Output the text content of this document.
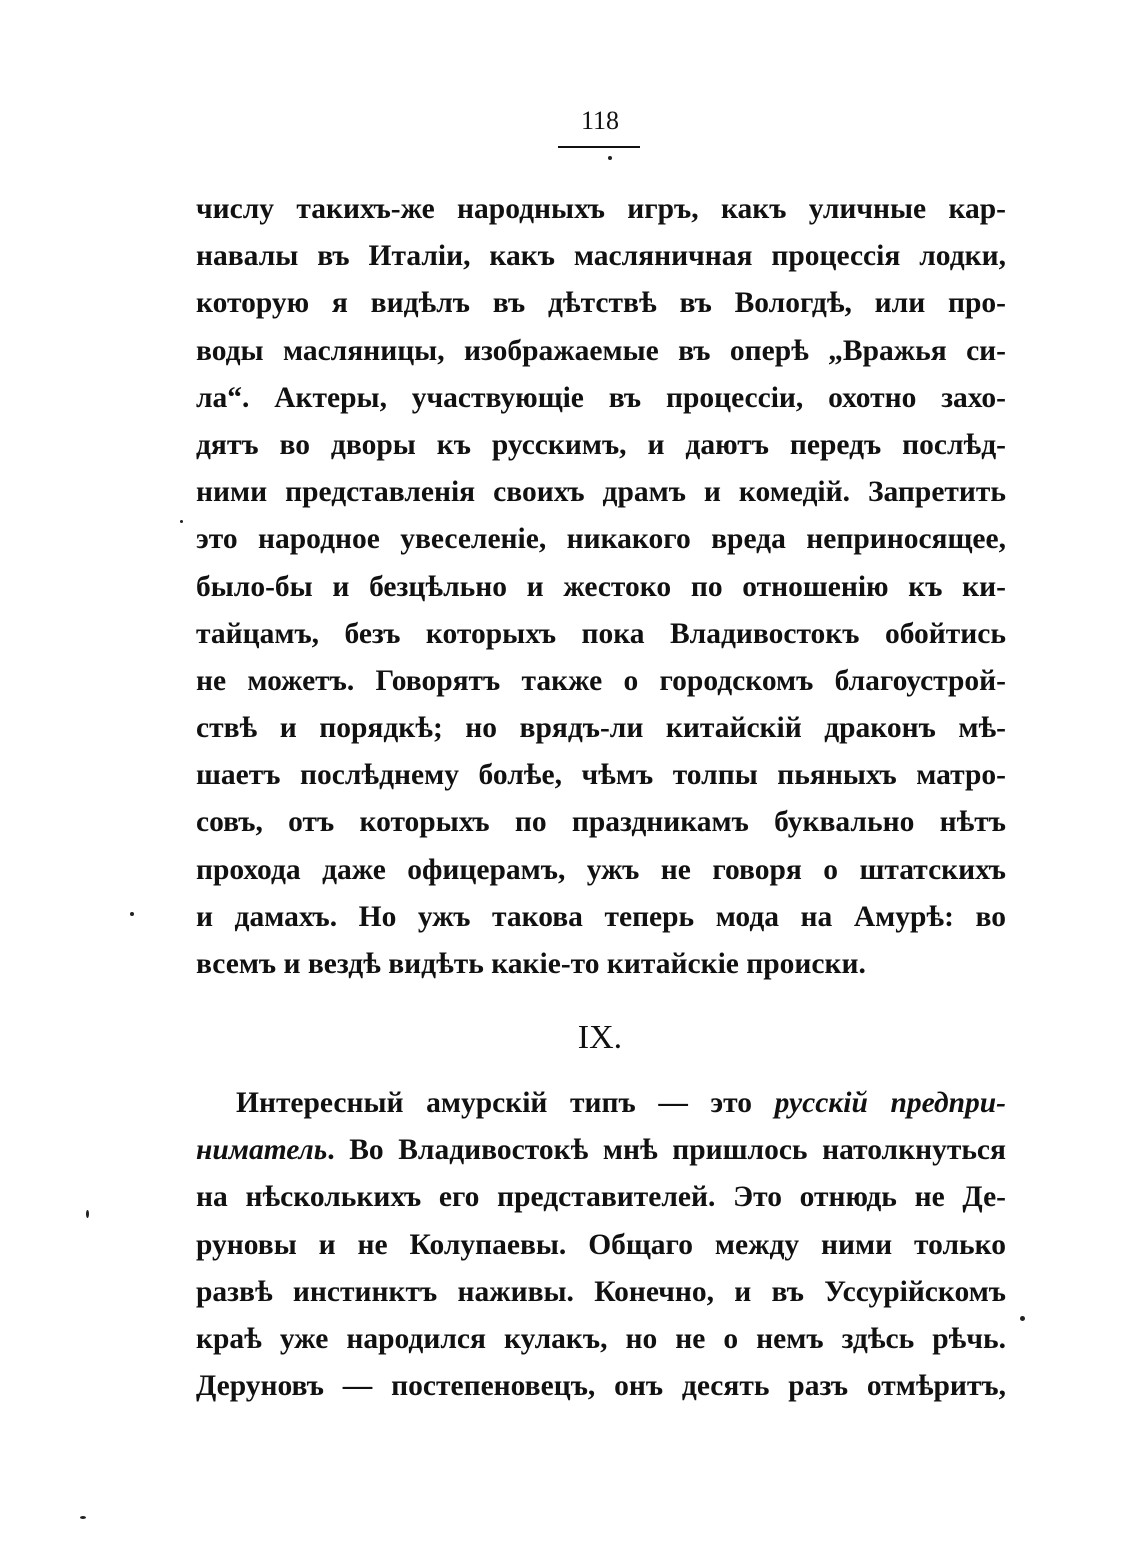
118
числу такихъ-же народныхъ игръ, какъ уличные кар-
навалы въ Италіи, какъ масляничная процессія лодки,
которую я видѣлъ въ дѣтствѣ въ Вологдѣ, или про-
воды масляницы, изображаемые въ оперѣ „Вражья си-
ла“. Актеры, участвующіе въ процессіи, охотно захо-
дятъ во дворы къ русскимъ, и даютъ передъ послѣд-
ними представленія своихъ драмъ и комедій. Запретить
это народное увеселеніе, никакого вреда неприносящее,
было-бы и безцѣльно и жестоко по отношенію къ ки-
тайцамъ, безъ которыхъ пока Владивостокъ обойтись
не можетъ. Говорятъ также о городскомъ благоустрой-
ствѣ и порядкѣ; но врядъ-ли китайскій драконъ мѣ-
шаетъ послѣднему болѣе, чѣмъ толпы пьяныхъ матро-
совъ, отъ которыхъ по праздникамъ буквально нѣтъ
прохода даже офицерамъ, ужъ не говоря о штатскихъ
и дамахъ. Но ужъ такова теперь мода на Амурѣ: во
всемъ и вездѣ видѣть какіе-то китайскіе происки.
IX.
Интересный амурскій типъ — это русскій предпри-
ниматель. Во Владивостокѣ мнѣ пришлось натолкнуться
на нѣсколькихъ его представителей. Это отнюдь не Де-
руновы и не Колупаевы. Общаго между ними только
развѣ инстинктъ наживы. Конечно, и въ Уссурійскомъ
краѣ уже народился кулакъ, но не о немъ здѣсь рѣчь.
Деруновъ — постепеновецъ, онъ десять разъ отмѣритъ,
